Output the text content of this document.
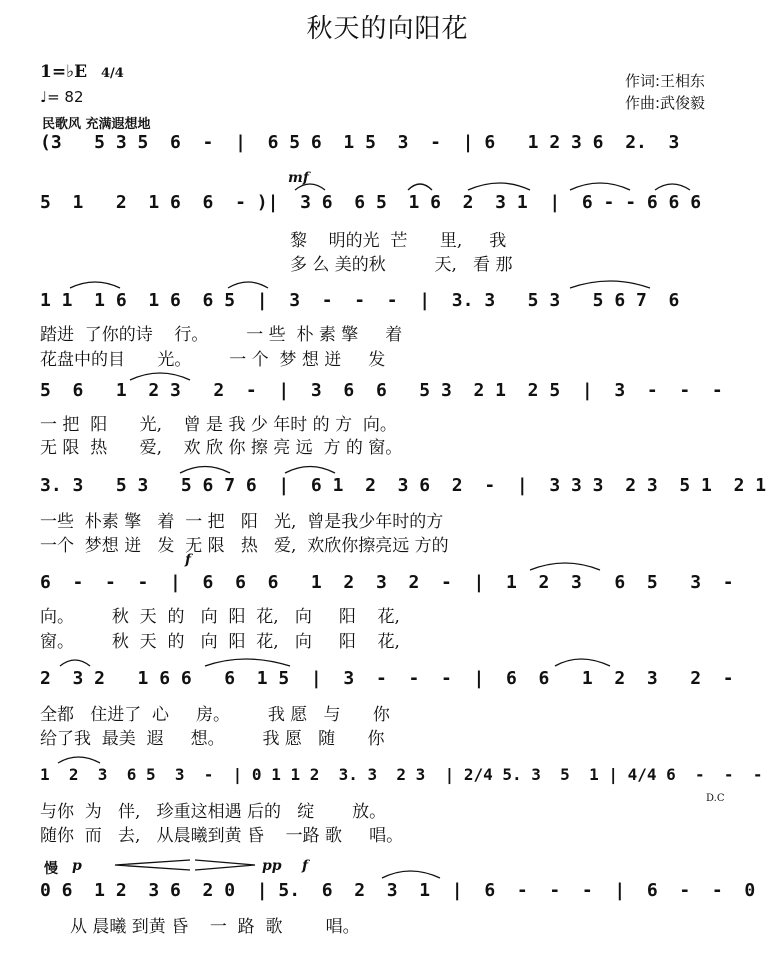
秋天的向阳花
1=♭E 4/4
♩= 82
作词:王相东
作曲:武俊毅
民歌风 充满遐想地
(3   5 3 5  6  -  |  6 5 6  1 5  3  -  | 6   1 2 3 6  2.  3
mf
5  1   2  1 6  6  - )|  3 6  6 5  1 6  2  3 1  |  6 - - 6 6 6
黎    明的光  芒      里,     我
多 么 美的秋         天,   看 那
1 1  1 6  1 6  6 5  |  3  -  -  -  |  3. 3   5 3   5 6 7  6
踏进  了你的诗    行。       一 些  朴 素 擎     着
花盘中的目      光。       一 个  梦 想 迸     发
5  6   1  2 3   2  -  |  3  6  6   5 3  2 1  2 5  |  3  -  -  -
一 把  阳      光,    曾 是 我 少 年时 的 方  向。
无 限  热      爱,    欢 欣 你 擦 亮 远  方 的 窗。
3. 3   5 3   5 6 7 6  |  6 1  2  3 6  2  -  |  3 3 3  2 3  5 1  2 1
一些  朴素 擎   着  一 把   阳   光,  曾是我少年时的方
一个  梦想 迸   发  无 限   热   爱,  欢欣你擦亮远 方的
f
6  -  -  -  |  6  6  6   1  2  3  2  -  |  1  2  3   6  5   3  -
向。       秋  天  的   向  阳  花,   向     阳    花,
窗。       秋  天  的   向  阳  花,   向     阳    花,
2  3 2   1 6 6   6  1 5  |  3  -  -  -  |  6  6   1  2  3   2  -
全都   住进了  心     房。       我 愿   与      你
给了我  最美  遐     想。       我 愿   随      你
1  2  3  6 5  3  -  | 0 1 1 2  3. 3  2 3  | 2/4 5. 3  5  1 | 4/4 6  -  -  -
D.C
与你  为   伴,   珍重这相遇 后的   绽       放。
随你  而   去,   从晨曦到黄 昏    一路 歌     唱。
慢 p	pp f
0 6  1 2  3 6  2 0  | 5.  6  2  3  1  |  6  -  -  -  |  6  -  -  0
从 晨曦 到黄 昏    一  路  歌        唱。
